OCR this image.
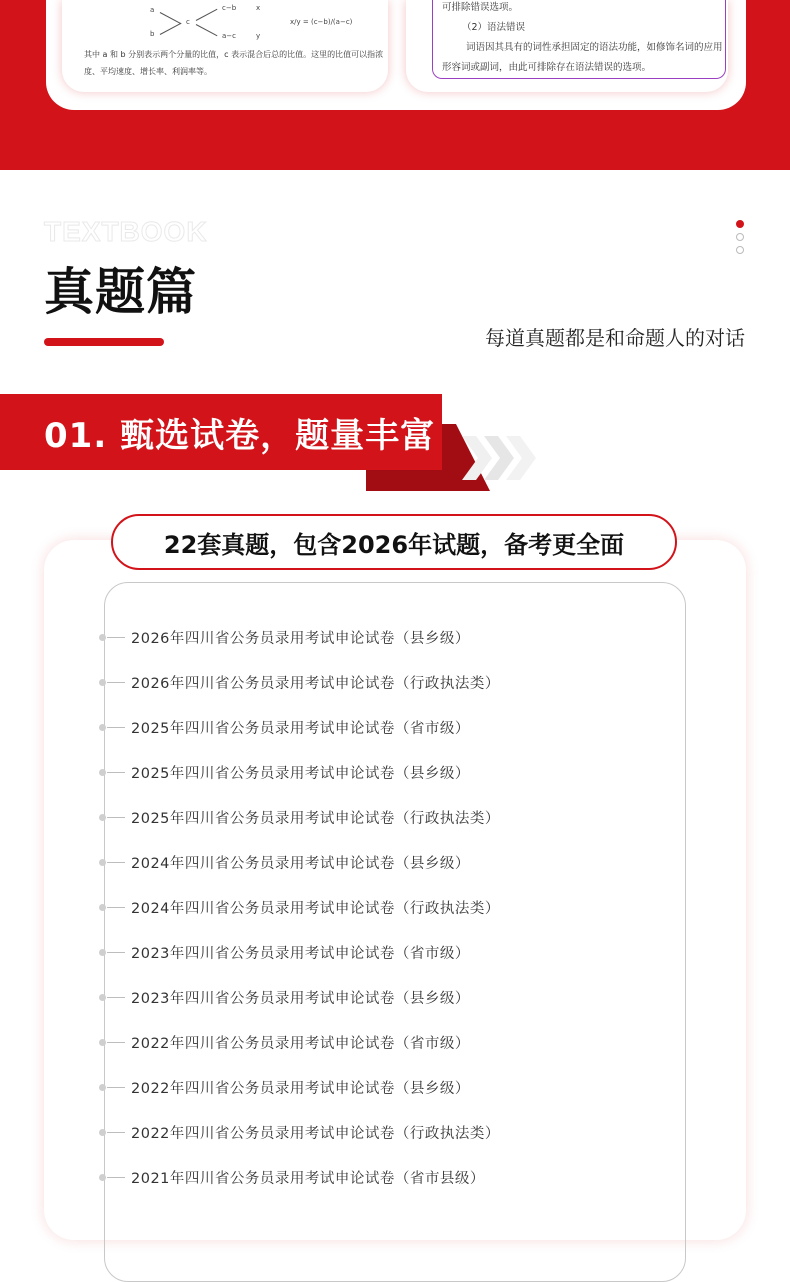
a
c
b
c−b
a−c
x
y
x/y = (c−b)/(a−c)
其中 a 和 b 分别表示两个分量的比值，c 表示混合后总的比值。这里的比值可以指浓度、平均速度、增长率、利润率等。
可排除错误选项。
（2）语法错误
词语因其具有的词性承担固定的语法功能，如修饰名词的应用形容词或副词，由此可排除存在语法错误的选项。
TEXTBOOK
真题篇
每道真题都是和命题人的对话
01. 甄选试卷，题量丰富
22套真题，包含2026年试题，备考更全面
2026年四川省公务员录用考试申论试卷（县乡级）
2026年四川省公务员录用考试申论试卷（行政执法类）
2025年四川省公务员录用考试申论试卷（省市级）
2025年四川省公务员录用考试申论试卷（县乡级）
2025年四川省公务员录用考试申论试卷（行政执法类）
2024年四川省公务员录用考试申论试卷（县乡级）
2024年四川省公务员录用考试申论试卷（行政执法类）
2023年四川省公务员录用考试申论试卷（省市级）
2023年四川省公务员录用考试申论试卷（县乡级）
2022年四川省公务员录用考试申论试卷（省市级）
2022年四川省公务员录用考试申论试卷（县乡级）
2022年四川省公务员录用考试申论试卷（行政执法类）
2021年四川省公务员录用考试申论试卷（省市县级）
